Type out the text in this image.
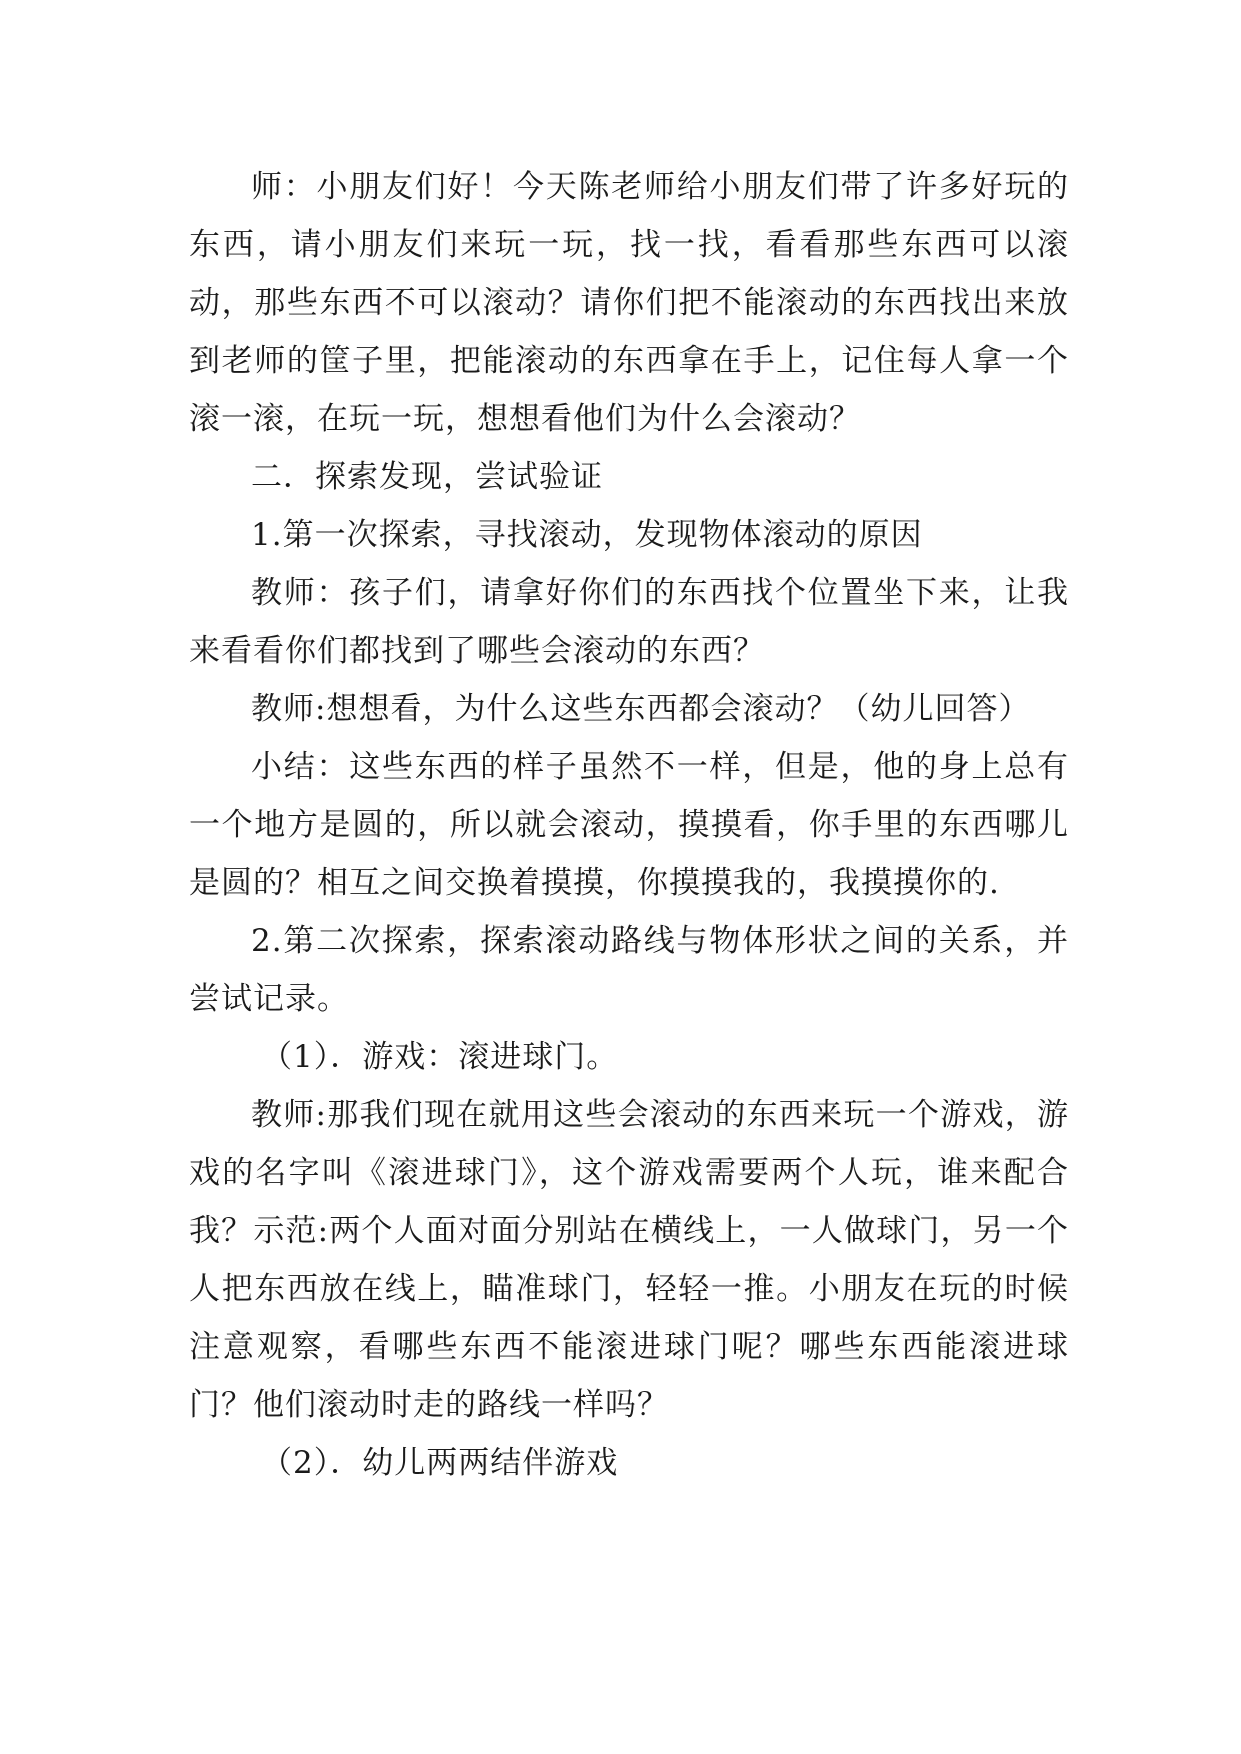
师：小朋友们好！今天陈老师给小朋友们带了许多好玩的东西，请小朋友们来玩一玩，找一找，看看那些东西可以滚动，那些东西不可以滚动？请你们把不能滚动的东西找出来放到老师的筐子里，把能滚动的东西拿在手上，记住每人拿一个滚一滚，在玩一玩，想想看他们为什么会滚动？

二．探索发现，尝试验证

1.第一次探索，寻找滚动，发现物体滚动的原因

教师：孩子们，请拿好你们的东西找个位置坐下来，让我来看看你们都找到了哪些会滚动的东西？

教师:想想看，为什么这些东西都会滚动？（幼儿回答）

小结：这些东西的样子虽然不一样，但是，他的身上总有一个地方是圆的，所以就会滚动，摸摸看，你手里的东西哪儿是圆的？相互之间交换着摸摸，你摸摸我的，我摸摸你的.

2.第二次探索，探索滚动路线与物体形状之间的关系，并尝试记录。

（1）．游戏：滚进球门。

教师:那我们现在就用这些会滚动的东西来玩一个游戏，游戏的名字叫《滚进球门》，这个游戏需要两个人玩，谁来配合我？示范:两个人面对面分别站在横线上，一人做球门，另一个人把东西放在线上，瞄准球门，轻轻一推。小朋友在玩的时候注意观察，看哪些东西不能滚进球门呢？哪些东西能滚进球门？他们滚动时走的路线一样吗？

（2）．幼儿两两结伴游戏
